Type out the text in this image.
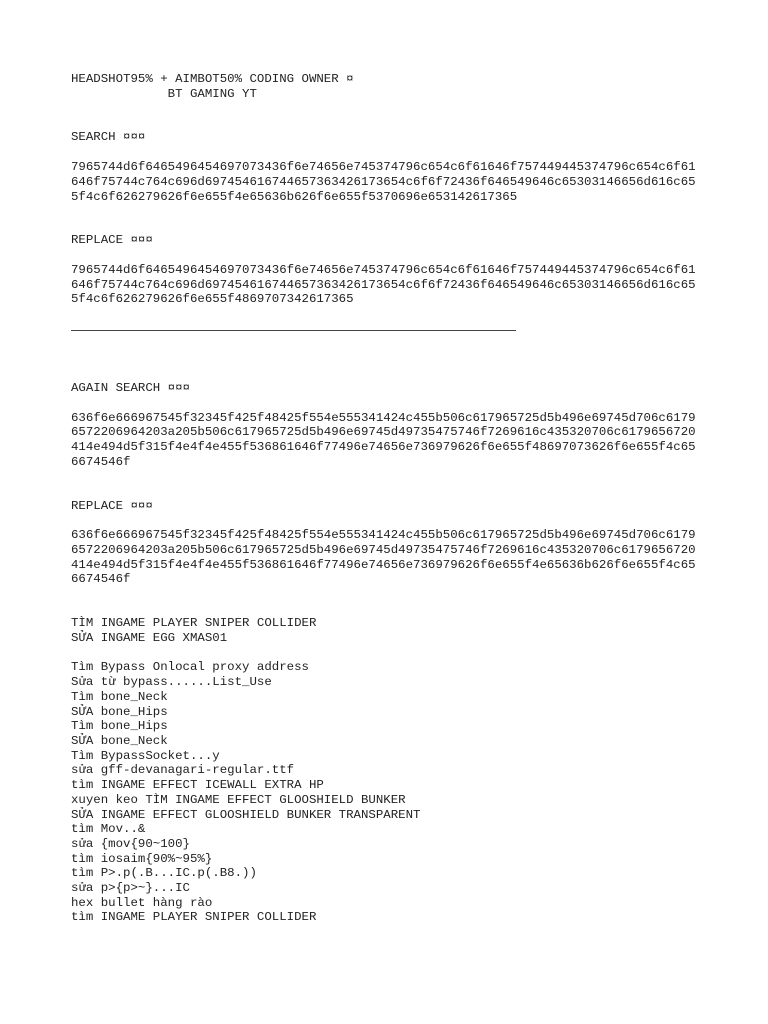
HEADSHOT95% + AIMBOT50% CODING OWNER ¤
BT GAMING YT
SEARCH ¤¤¤
7965744d6f6465496454697073436f6e74656e745374796c654c6f61646f757449445374796c654c6f61646f75744c764c696d697454616744657363426173654c6f6f72436f646549646c65303146656d616c655f4c6f626279626f6e655f4e65636b626f6e655f5370696e653142617365
REPLACE ¤¤¤
7965744d6f6465496454697073436f6e74656e745374796c654c6f61646f757449445374796c654c6f61646f75744c764c696d697454616744657363426173654c6f6f72436f646549646c65303146656d616c655f4c6f626279626f6e655f4869707342617365
AGAIN SEARCH ¤¤¤
636f6e666967545f32345f425f48425f554e555341424c455b506c617965725d5b496e69745d706c61796572206964203a205b506c617965725d5b496e69745d49735475746f7269616c435320706c6179656720414e494d5f315f4e4f4e455f536861646f77496e74656e736979626f6e655f48697073626f6e655f4c656674546f
REPLACE ¤¤¤
636f6e666967545f32345f425f48425f554e555341424c455b506c617965725d5b496e69745d706c61796572206964203a205b506c617965725d5b496e69745d49735475746f7269616c435320706c6179656720414e494d5f315f4e4f4e455f536861646f77496e74656e736979626f6e655f4e65636b626f6e655f4c656674546f
TÌM INGAME PLAYER SNIPER COLLIDER
SỬA INGAME EGG XMAS01
Tìm Bypass Onlocal proxy address
Sửa từ bypass......List_Use
Tìm bone_Neck
SỬA bone_Hips
Tìm bone_Hips
SỬA bone_Neck
Tìm BypassSocket...y
sửa gff-devanagari-regular.ttf
tìm INGAME EFFECT ICEWALL EXTRA HP
xuyen keo TÌM INGAME EFFECT GLOOSHIELD BUNKER
SỬA INGAME EFFECT GLOOSHIELD BUNKER TRANSPARENT
tìm Mov..&
sửa {mov{90~100}
tìm iosaim{90%~95%}
tìm P>.p(.B...IC.p(.B8.))
sửa p>{p>~}...IC
hex bullet hàng rào
tìm INGAME PLAYER SNIPER COLLIDER
